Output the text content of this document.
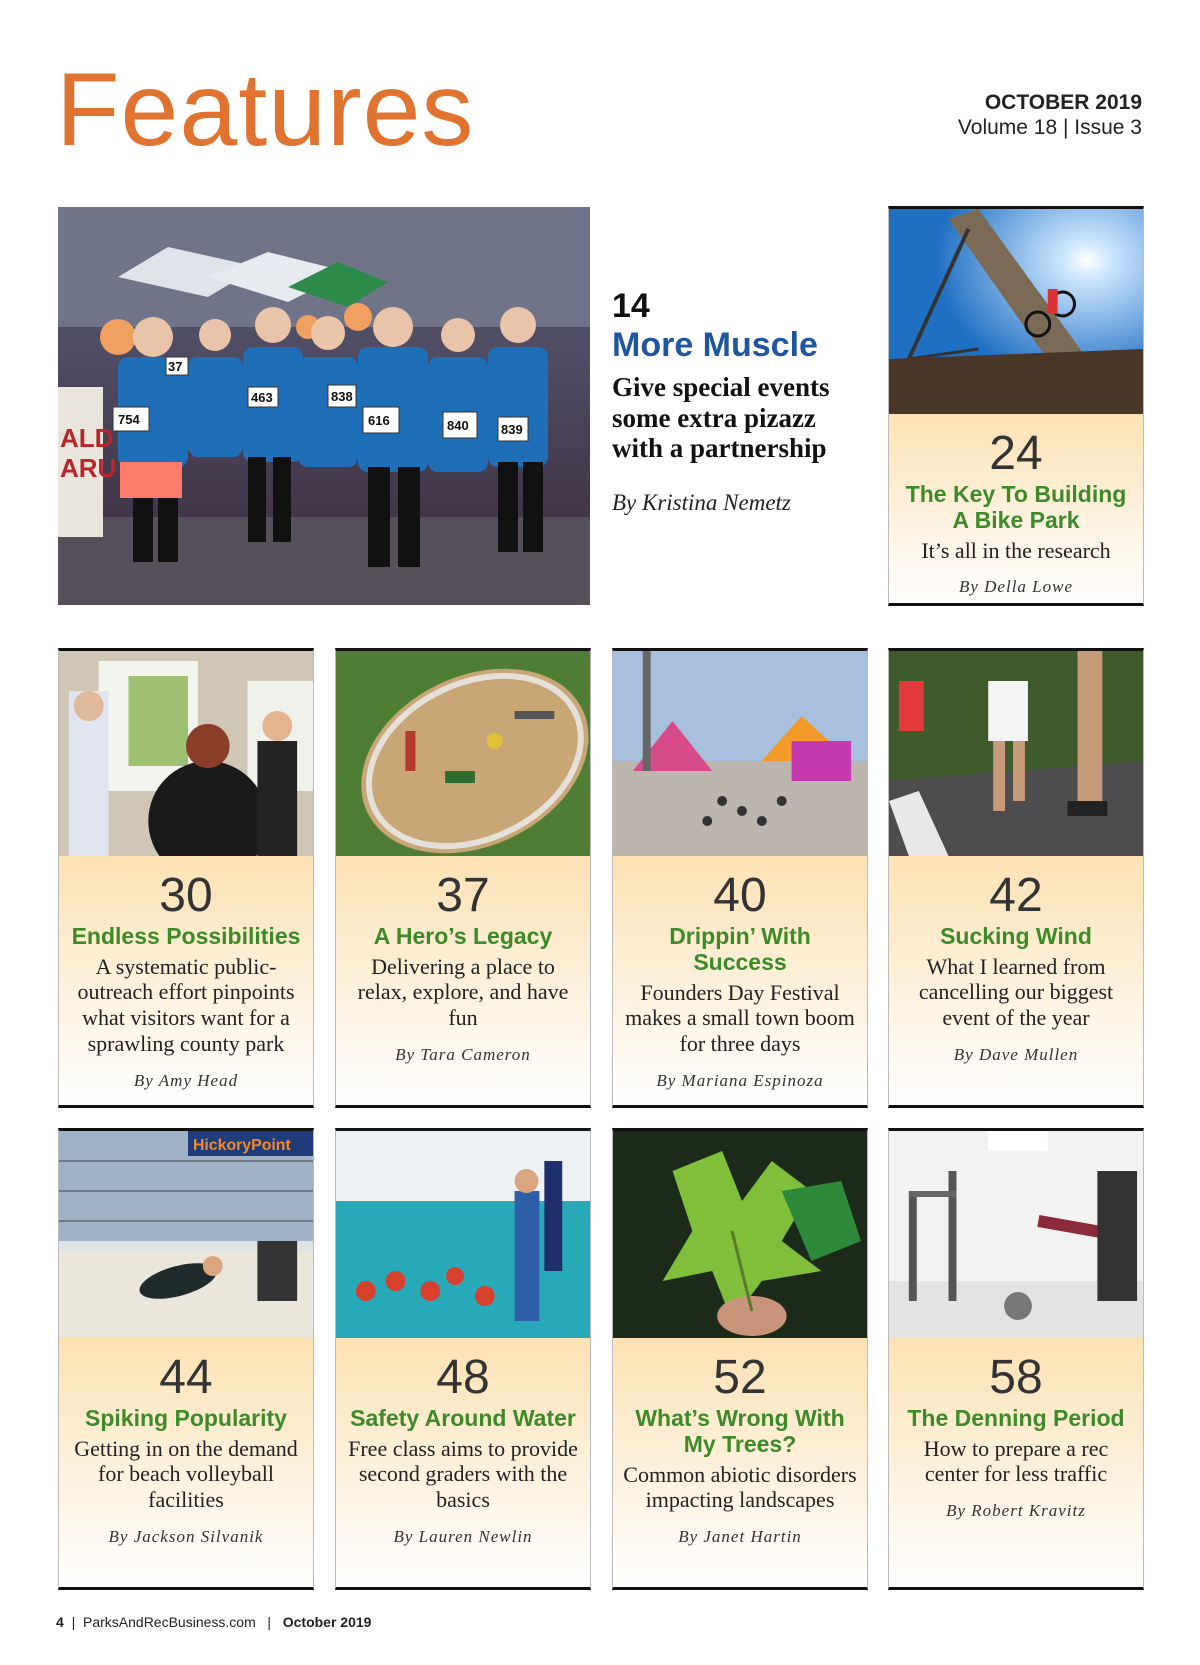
Features	OCTOBER 2019
Volume 18 | Issue 3
ALD
ARU
754
463
616	840 839
838
37
14
More Muscle
Give special events some extra pizazz with a partnership
By Kristina Nemetz
24
The Key To Building A Bike Park
It’s all in the research
By Della Lowe
30
Endless Possibilities
A systematic public-outreach effort pinpoints what visitors want for a sprawling county park
By Amy Head
37
A Hero’s Legacy
Delivering a place to relax, explore, and have fun
By Tara Cameron
40
Drippin’ With Success
Founders Day Festival makes a small town boom for three days
By Mariana Espinoza
42
Sucking Wind
What I learned from cancelling our biggest event of the year
By Dave Mullen
HickoryPoint
44
Spiking Popularity
Getting in on the demand for beach volleyball facilities
By Jackson Silvanik
48
Safety Around Water
Free class aims to provide second graders with the basics
By Lauren Newlin
52
What’s Wrong With My Trees?
Common abiotic disorders impacting landscapes
By Janet Hartin
58
The Denning Period
How to prepare a rec center for less traffic
By Robert Kravitz
4  |  ParksAndRecBusiness.com   |   October 2019
